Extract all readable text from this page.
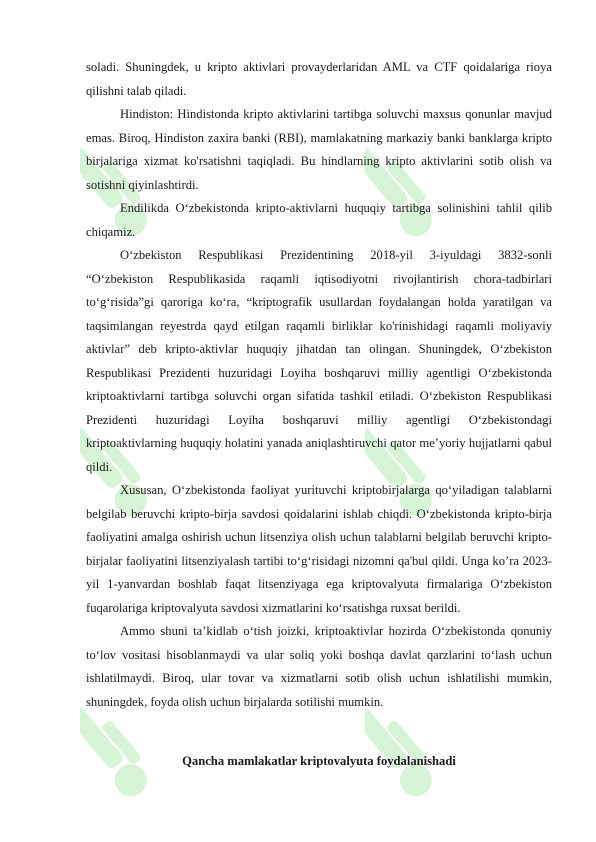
soladi. Shuningdek, u kripto aktivlari provayderlaridan AML va CTF qoidalariga rioya qilishni talab qiladi.

Hindiston: Hindistonda kripto aktivlarini tartibga soluvchi maxsus qonunlar mavjud emas. Biroq, Hindiston zaxira banki (RBI), mamlakatning markaziy banki banklarga kripto birjalariga xizmat ko'rsatishni taqiqladi. Bu hindlarning kripto aktivlarini sotib olish va sotishni qiyinlashtirdi.

Endilikda O‘zbekistonda kripto-aktivlarni huquqiy tartibga solinishini tahlil qilib chiqamiz.

O‘zbekiston Respublikasi Prezidentining 2018-yil 3-iyuldagi 3832-sonli “O‘zbekiston Respublikasida raqamli iqtisodiyotni rivojlantirish chora-tadbirlari to‘g‘risida”gi qaroriga ko‘ra, “kriptografik usullardan foydalangan holda yaratilgan va taqsimlangan reyestrda qayd etilgan raqamli birliklar ko'rinishidagi raqamli moliyaviy aktivlar” deb kripto-aktivlar huquqiy jihatdan tan olingan. Shuningdek, O‘zbekiston Respublikasi Prezidenti huzuridagi Loyiha boshqaruvi milliy agentligi O‘zbekistonda kriptoaktivlarni tartibga soluvchi organ sifatida tashkil etiladi. O‘zbekiston Respublikasi Prezidenti huzuridagi Loyiha boshqaruvi milliy agentligi O‘zbekistondagi kriptoaktivlarning huquqiy holatini yanada aniqlashtiruvchi qator me’yoriy hujjatlarni qabul qildi.

Xususan, O‘zbekistonda faoliyat yurituvchi kriptobirjalarga qo‘yiladigan talablarni belgilab beruvchi kripto-birja savdosi qoidalarini ishlab chiqdi. O‘zbekistonda kripto-birja faoliyatini amalga oshirish uchun litsenziya olish uchun talablarni belgilab beruvchi kripto-birjalar faoliyatini litsenziyalash tartibi to‘g‘risidagi nizomni qa'bul qildi. Unga ko’ra 2023-yil 1-yanvardan boshlab faqat litsenziyaga ega kriptovalyuta firmalariga O‘zbekiston fuqarolariga kriptovalyuta savdosi xizmatlarini ko‘rsatishga ruxsat berildi.

Ammo shuni ta’kidlab o‘tish joizki, kriptoaktivlar hozirda O‘zbekistonda qonuniy to‘lov vositasi hisoblanmaydi va ular soliq yoki boshqa davlat qarzlarini to‘lash uchun ishlatilmaydi. Biroq, ular tovar va xizmatlarni sotib olish uchun ishlatilishi mumkin, shuningdek, foyda olish uchun birjalarda sotilishi mumkin.

Qancha mamlakatlar kriptovalyuta foydalanishadi
